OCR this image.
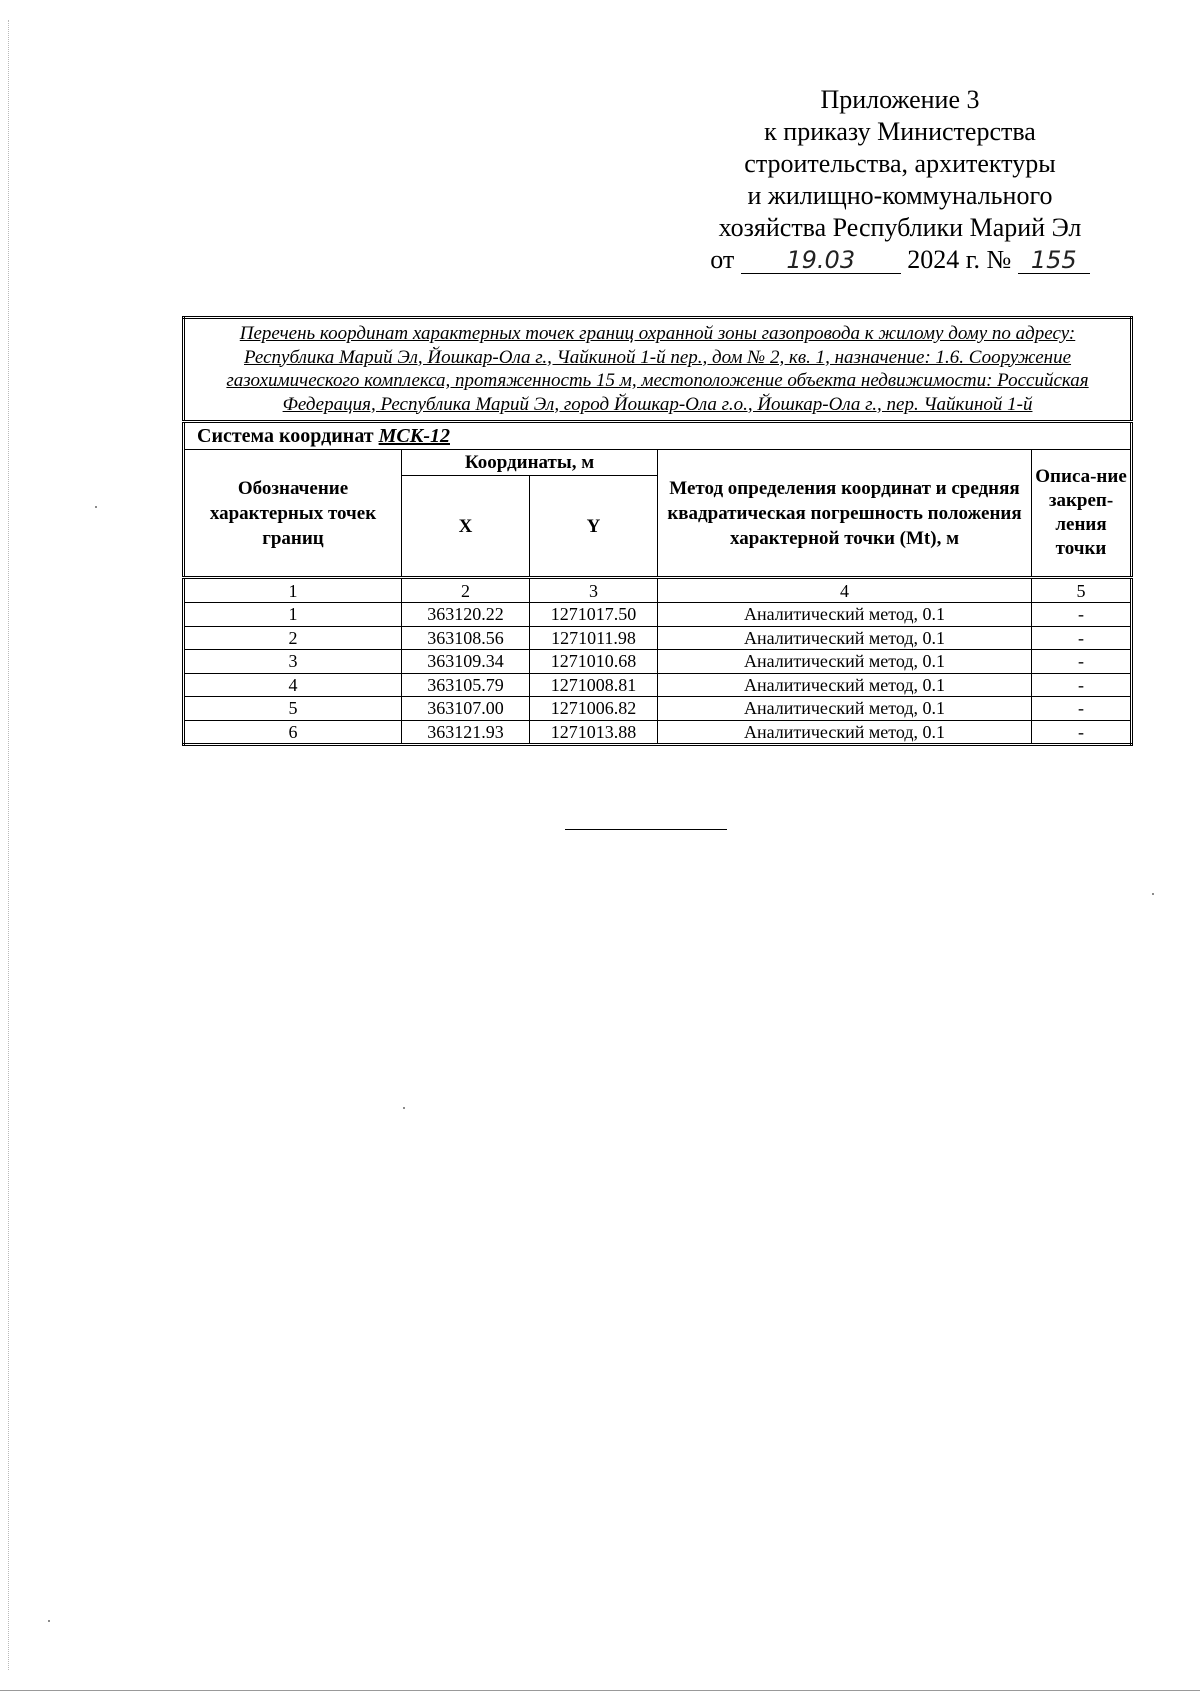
Приложение 3
к приказу Министерства
строительства, архитектуры
и жилищно-коммунального
хозяйства Республики Марий Эл
от 19.03 2024 г. № 155
Перечень координат характерных точек границ охранной зоны газопровода к жилому дому по адресу: Республика Марий Эл, Йошкар-Ола г., Чайкиной 1-й пер., дом № 2, кв. 1, назначение: 1.6. Сооружение газохимического комплекса, протяженность 15 м, местоположение объекта недвижимости: Российская Федерация, Республика Марий Эл, город Йошкар-Ола г.о., Йошкар-Ола г., пер. Чайкиной 1-й				
Система координат МСК-12				
Обозначение характерных точек границ	Координаты, м		Метод определения координат и средняя квадратическая погрешность положения характерной точки (Mt), м	Описа-ние закреп-ления точки
	X	Y		
1	2	3	4	5
1	363120.22	1271017.50	Аналитический метод, 0.1	-
2	363108.56	1271011.98	Аналитический метод, 0.1	-
3	363109.34	1271010.68	Аналитический метод, 0.1	-
4	363105.79	1271008.81	Аналитический метод, 0.1	-
5	363107.00	1271006.82	Аналитический метод, 0.1	-
6	363121.93	1271013.88	Аналитический метод, 0.1	-
